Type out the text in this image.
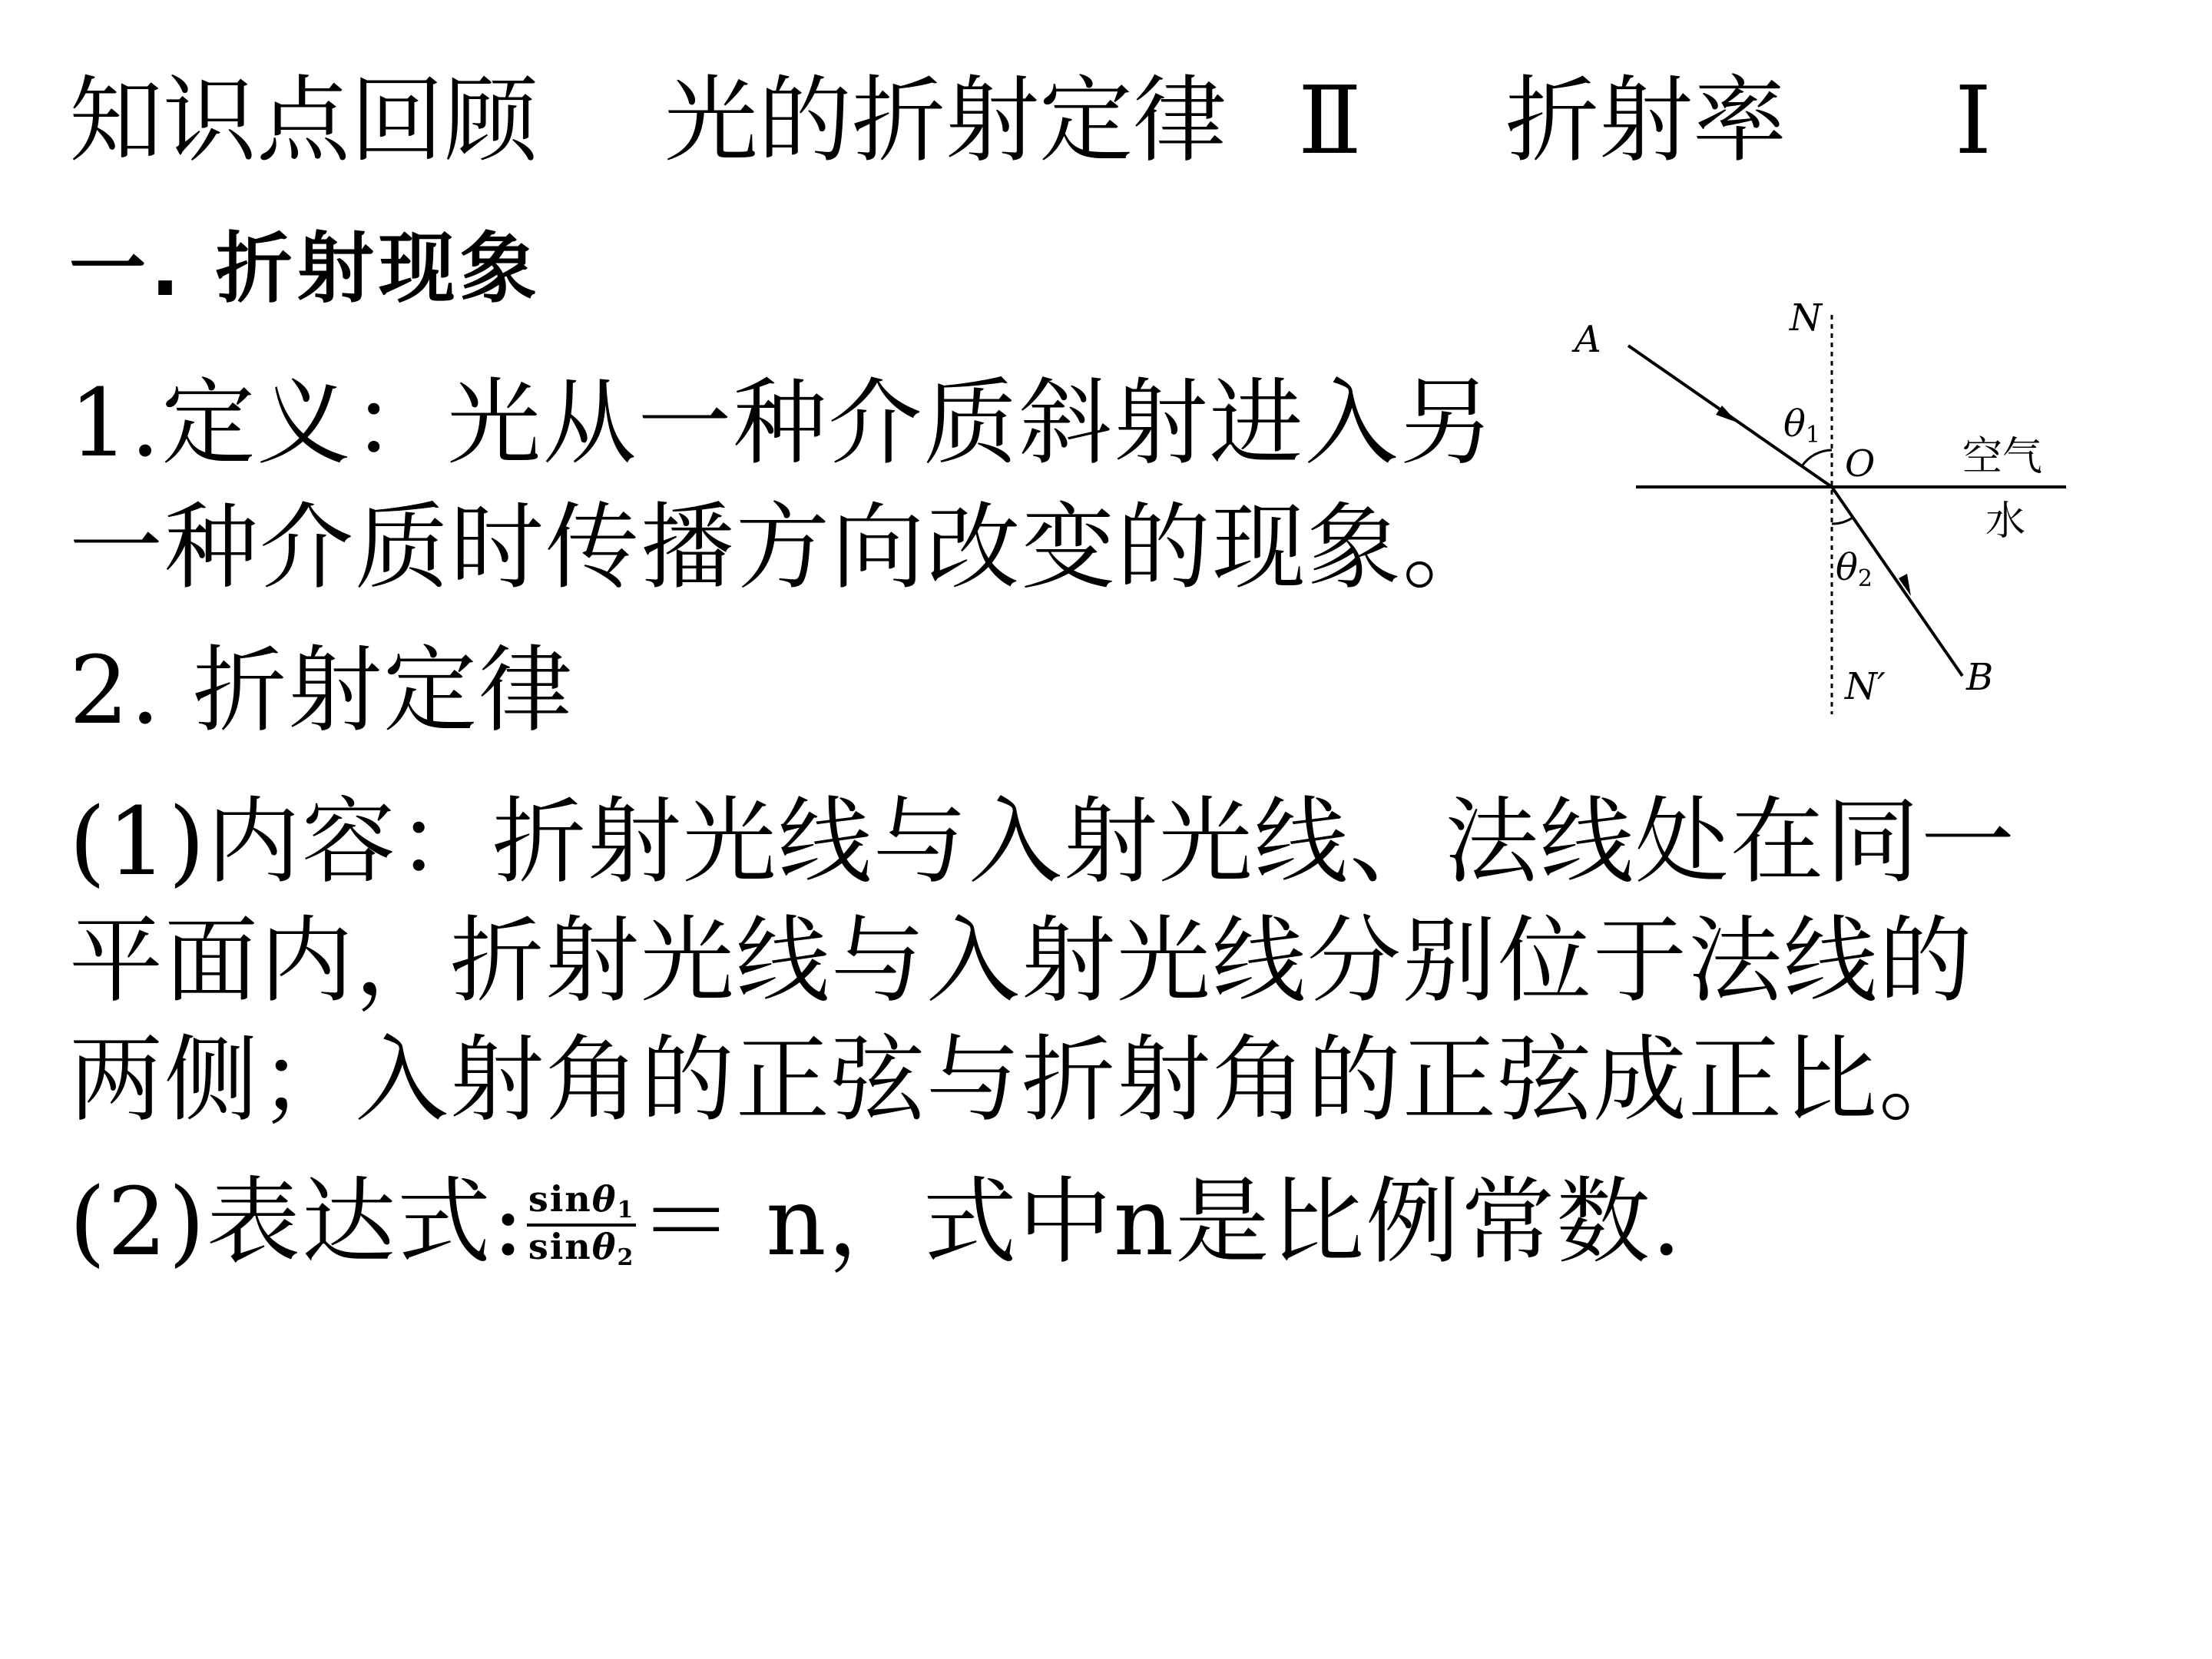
知识点回顾 光的折射定律 Ⅱ 折射率 Ⅰ
一. 折射现象
1.定义：光从一种介质斜射进入另
一种介质时传播方向改变的现象。
2. 折射定律
(1)内容：折射光线与入射光线、法线处在同一
平面内，折射光线与入射光线分别位于法线的
两侧；入射角的正弦与折射角的正弦成正比。
(2)表达式: $\frac{\sin\theta_1}{\sin\theta_2} = n$，式中n是比例常数.
A	N
θ1
O 空气
水
θ2
N′ B
